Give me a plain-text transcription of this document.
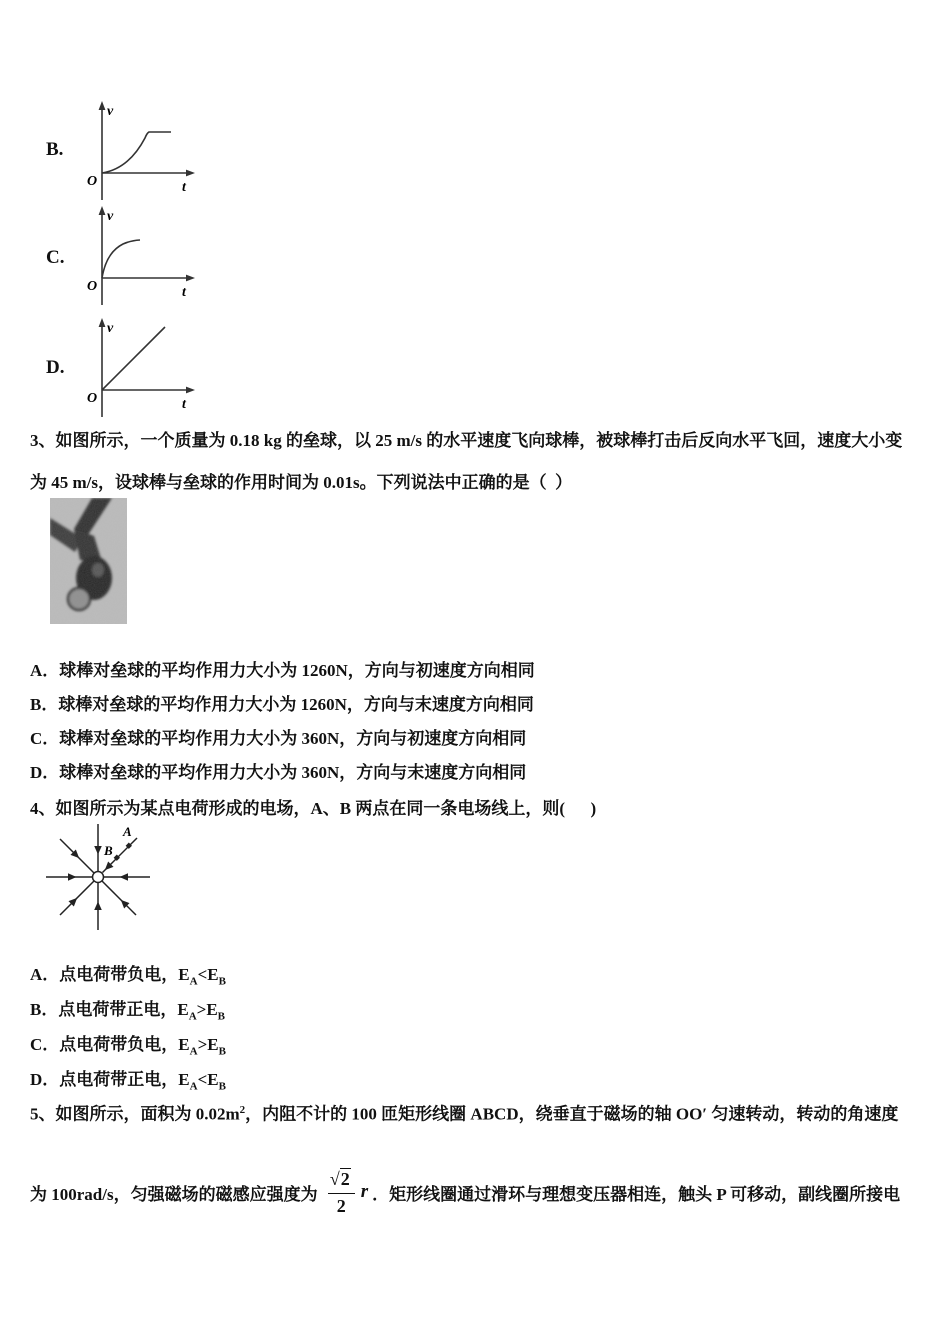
B.
v
t
O
C.
v
t
O
D.
v
t
O
3、如图所示，一个质量为 0.18 kg 的垒球，以 25 m/s 的水平速度飞向球棒，被球棒打击后反向水平飞回，速度大小变
为 45 m/s，设球棒与垒球的作用时间为 0.01s。下列说法中正确的是（  ）
A．球棒对垒球的平均作用力大小为 1260N，方向与初速度方向相同
B．球棒对垒球的平均作用力大小为 1260N，方向与末速度方向相同
C．球棒对垒球的平均作用力大小为 360N，方向与初速度方向相同
D．球棒对垒球的平均作用力大小为 360N，方向与末速度方向相同
4、如图所示为某点电荷形成的电场，A、B 两点在同一条电场线上，则(      )
B
A
A．点电荷带负电，$E_A<E_B$
B．点电荷带正电，$E_A>E_B$
C．点电荷带负电，$E_A>E_B$
D．点电荷带正电，$E_A<E_B$
5、如图所示，面积为 $0.02m^2$，内阻不计的 100 匝矩形线圈 ABCD，绕垂直于磁场的轴 OO′ 匀速转动，转动的角速度
为 100rad/s，匀强磁场的磁感应强度为 $\frac{√2}{2}$ r ．矩形线圈通过滑环与理想变压器相连，触头 P 可移动，副线圈所接电
